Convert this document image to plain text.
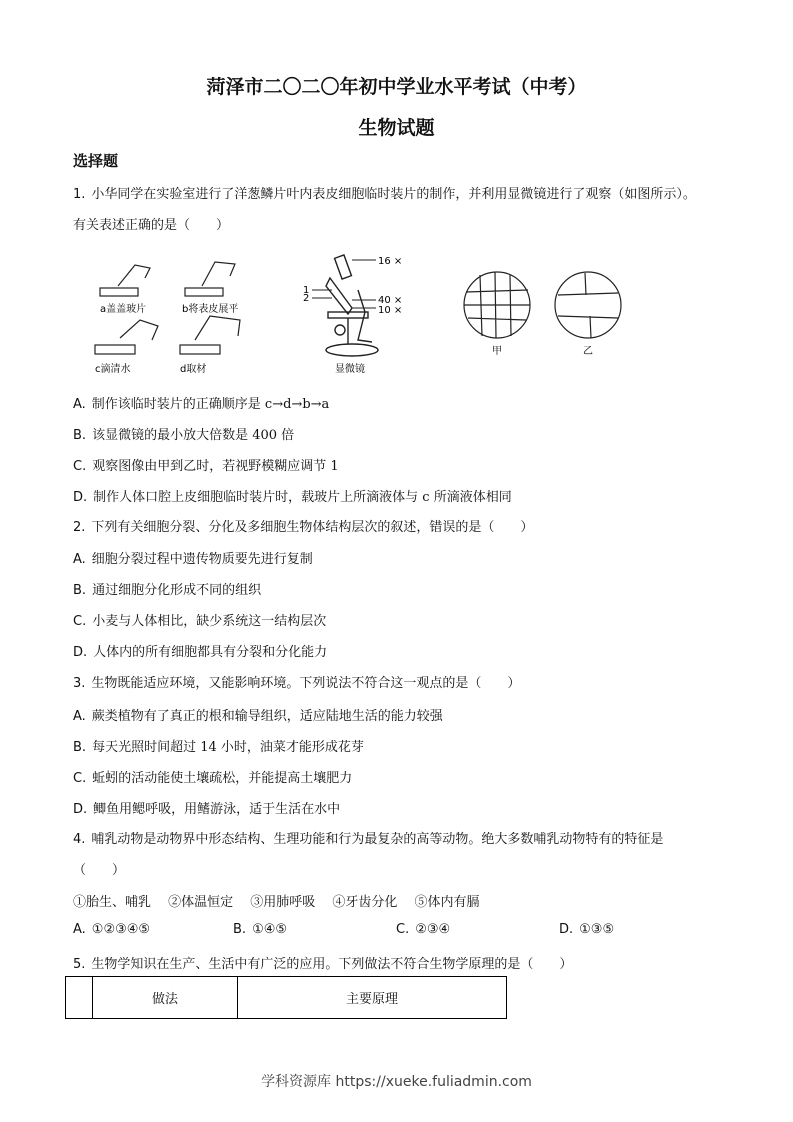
菏泽市二〇二〇年初中学业水平考试（中考）
生物试题
选择题
1. 小华同学在实验室进行了洋葱鳞片叶内表皮细胞临时装片的制作，并利用显微镜进行了观察（如图所示）。
有关表述正确的是（　　）
a盖盖玻片	b将表皮展平
c滴清水	d取材
16 ×
40 ×
10 ×
1
2
显微镜
甲	乙
A. 制作该临时装片的正确顺序是 c→d→b→a
B. 该显微镜的最小放大倍数是 400 倍
C. 观察图像由甲到乙时，若视野模糊应调节 1
D. 制作人体口腔上皮细胞临时装片时，载玻片上所滴液体与 c 所滴液体相同
2. 下列有关细胞分裂、分化及多细胞生物体结构层次的叙述，错误的是（　　）
A. 细胞分裂过程中遗传物质要先进行复制
B. 通过细胞分化形成不同的组织
C. 小麦与人体相比，缺少系统这一结构层次
D. 人体内的所有细胞都具有分裂和分化能力
3. 生物既能适应环境，又能影响环境。下列说法不符合这一观点的是（　　）
A. 蕨类植物有了真正的根和输导组织，适应陆地生活的能力较强
B. 每天光照时间超过 14 小时，油菜才能形成花芽
C. 蚯蚓的活动能使土壤疏松，并能提高土壤肥力
D. 鲫鱼用鳃呼吸，用鳍游泳，适于生活在水中
4. 哺乳动物是动物界中形态结构、生理功能和行为最复杂的高等动物。绝大多数哺乳动物特有的特征是
（　　）
①胎生、哺乳　 ②体温恒定　 ③用肺呼吸　 ④牙齿分化　 ⑤体内有膈
A. ①②③④⑤	B. ①④⑤	C. ②③④	D. ①③⑤
5. 生物学知识在生产、生活中有广泛的应用。下列做法不符合生物学原理的是（　　）
	做法	主要原理
学科资源库 https://xueke.fuliadmin.com
